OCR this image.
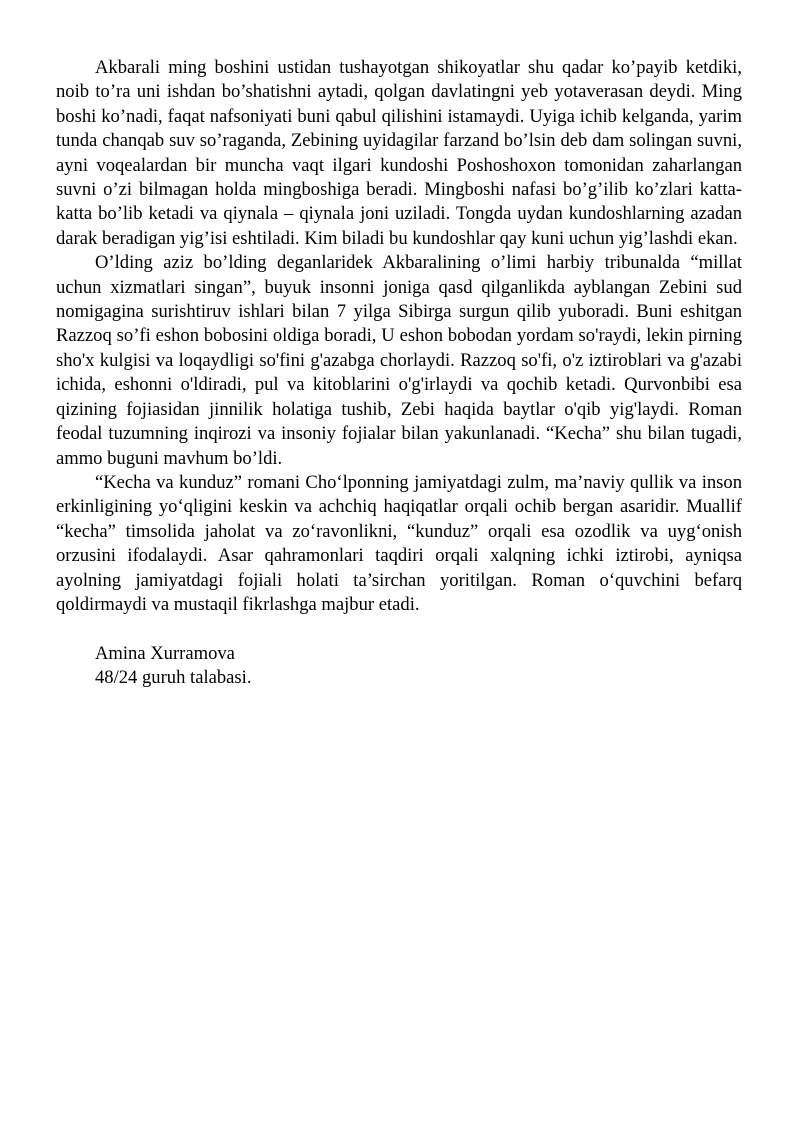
Akbarali ming boshini ustidan tushayotgan shikoyatlar shu qadar ko’payib ketdiki, noib to’ra uni ishdan bo’shatishni aytadi, qolgan davlatingni yeb yotaverasan deydi. Ming boshi ko’nadi, faqat nafsoniyati buni qabul qilishini istamaydi. Uyiga ichib kelganda, yarim tunda chanqab suv so’raganda, Zebining uyidagilar farzand bo’lsin deb dam solingan suvni, ayni voqealardan bir muncha vaqt ilgari kundoshi Poshoshoxon tomonidan zaharlangan suvni o’zi bilmagan holda mingboshiga beradi. Mingboshi nafasi bo’g’ilib ko’zlari katta-katta bo’lib ketadi va qiynala – qiynala joni uziladi. Tongda uydan kundoshlarning azadan darak beradigan yig’isi eshtiladi. Kim biladi bu kundoshlar qay kuni uchun yig’lashdi ekan.

O’lding aziz bo’lding deganlaridek Akbaralining o’limi harbiy tribunalda “millat uchun xizmatlari singan”, buyuk insonni joniga qasd qilganlikda ayblangan Zebini sud nomigagina surishtiruv ishlari bilan 7 yilga Sibirga surgun qilib yuboradi. Buni eshitgan Razzoq so’fi eshon bobosini oldiga boradi, U eshon bobodan yordam so'raydi, lekin pirning sho'x kulgisi va loqaydligi so'fini g'azabga chorlaydi. Razzoq so'fi, o'z iztiroblari va g'azabi ichida, eshonni o'ldiradi, pul va kitoblarini o'g'irlaydi va qochib ketadi. Qurvonbibi esa qizining fojiasidan jinnilik holatiga tushib, Zebi haqida baytlar o'qib yig'laydi. Roman feodal tuzumning inqirozi va insoniy fojialar bilan yakunlanadi. “Kecha” shu bilan tugadi, ammo buguni mavhum bo’ldi.

“Kecha va kunduz” romani Cho‘lponning jamiyatdagi zulm, ma’naviy qullik va inson erkinligining yo‘qligini keskin va achchiq haqiqatlar orqali ochib bergan asaridir. Muallif “kecha” timsolida jaholat va zo‘ravonlikni, “kunduz” orqali esa ozodlik va uyg‘onish orzusini ifodalaydi. Asar qahramonlari taqdiri orqali xalqning ichki iztirobi, ayniqsa ayolning jamiyatdagi fojiali holati ta’sirchan yoritilgan. Roman o‘quvchini befarq qoldirmaydi va mustaqil fikrlashga majbur etadi.

Amina Xurramova
48/24 guruh talabasi.
